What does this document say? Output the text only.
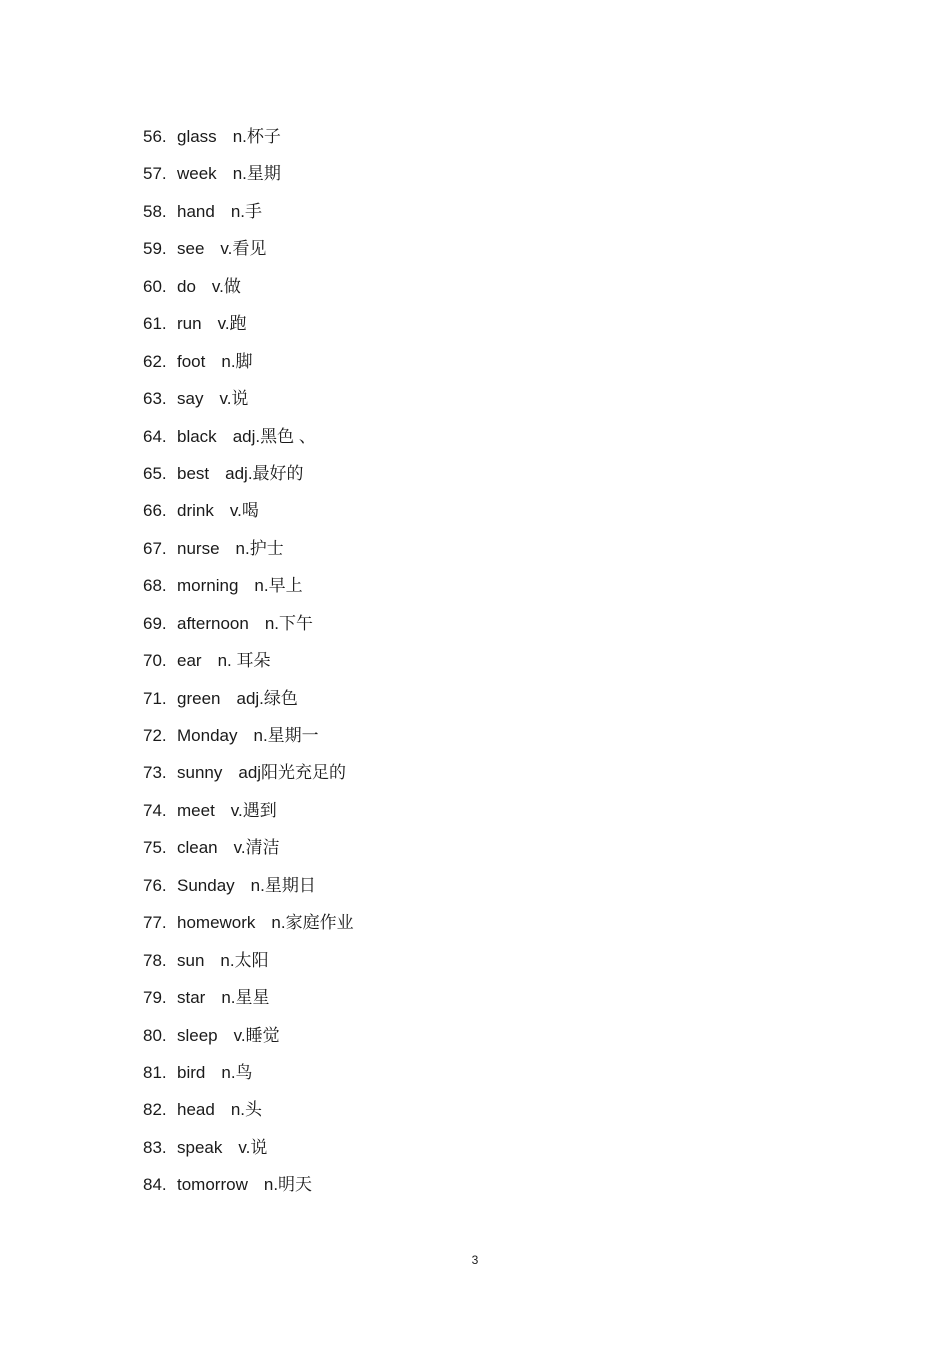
56. glass n.杯子
57. week n.星期
58. hand n.手
59. see v.看见
60. do v.做
61. run v.跑
62. foot n.脚
63. say v.说
64. black adj.黑色 、
65. best adj.最好的
66. drink v.喝
67. nurse n.护士
68. morning n.早上
69. afternoon n.下午
70. ear n. 耳朵
71. green adj.绿色
72. Monday n.星期一
73. sunny adj阳光充足的
74. meet v.遇到
75. clean v.清洁
76. Sunday n.星期日
77. homework n.家庭作业
78. sun n.太阳
79. star n.星星
80. sleep v.睡觉
81. bird n.鸟
82. head n.头
83. speak v.说
84. tomorrow n.明天
3
